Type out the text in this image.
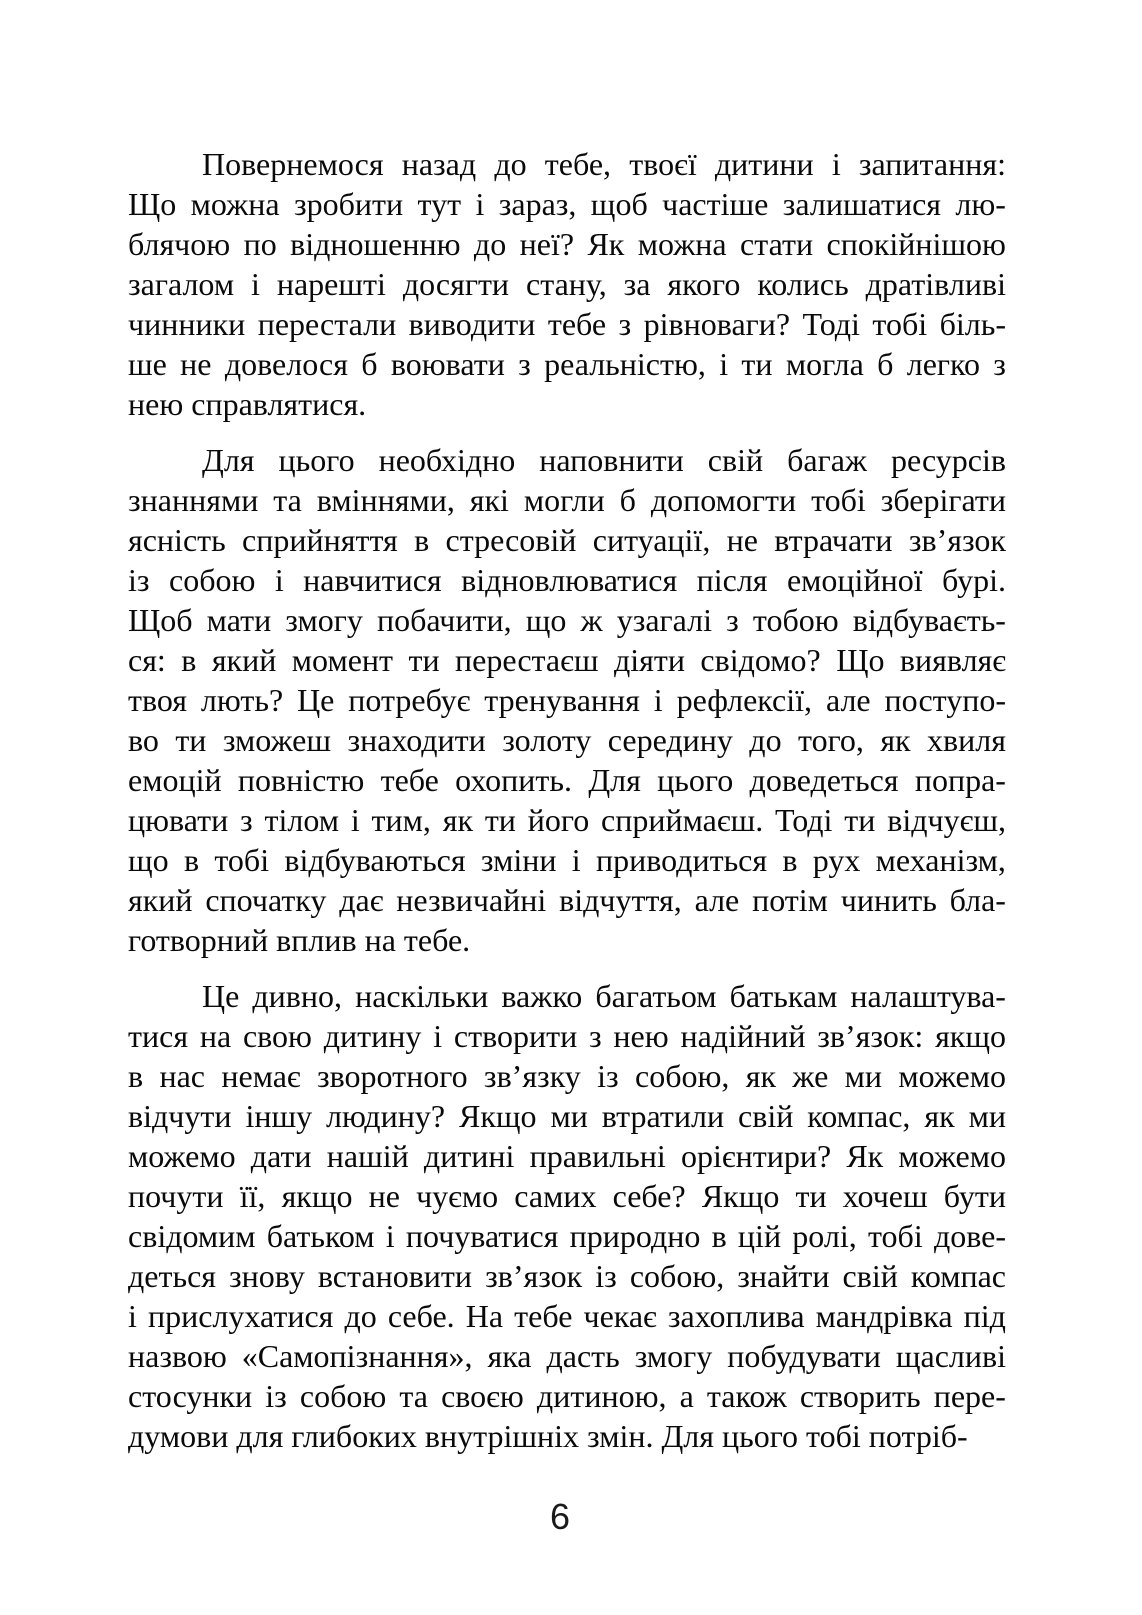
Повернемося назад до тебе, твоєї дитини і запитання:
Що можна зробити тут і зараз, щоб частіше залишатися лю-
блячою по відношенню до неї? Як можна стати спокійнішою
загалом і нарешті досягти стану, за якого колись дратівливі
чинники перестали виводити тебе з рівноваги? Тоді тобі біль-
ше не довелося б воювати з реальністю, і ти могла б легко з
нею справлятися.
Для цього необхідно наповнити свій багаж ресурсів
знаннями та вміннями, які могли б допомогти тобі зберігати
ясність сприйняття в стресовій ситуації, не втрачати зв’язок
із собою і навчитися відновлюватися після емоційної бурі.
Щоб мати змогу побачити, що ж узагалі з тобою відбуваєть-
ся: в який момент ти перестаєш діяти свідомо? Що виявляє
твоя лють? Це потребує тренування і рефлексії, але поступо-
во ти зможеш знаходити золоту середину до того, як хвиля
емоцій повністю тебе охопить. Для цього доведеться попра-
цювати з тілом і тим, як ти його сприймаєш. Тоді ти відчуєш,
що в тобі відбуваються зміни і приводиться в рух механізм,
який спочатку дає незвичайні відчуття, але потім чинить бла-
готворний вплив на тебе.
Це дивно, наскільки важко багатьом батькам налаштува-
тися на свою дитину і створити з нею надійний зв’язок: якщо
в нас немає зворотного зв’язку із собою, як же ми можемо
відчути іншу людину? Якщо ми втратили свій компас, як ми
можемо дати нашій дитині правильні орієнтири? Як можемо
почути її, якщо не чуємо самих себе? Якщо ти хочеш бути
свідомим батьком і почуватися природно в цій ролі, тобі дове-
деться знову встановити зв’язок із собою, знайти свій компас
і прислухатися до себе. На тебе чекає захоплива мандрівка під
назвою «Самопізнання», яка дасть змогу побудувати щасливі
стосунки із собою та своєю дитиною, а також створить пере-
думови для глибоких внутрішніх змін. Для цього тобі потріб-
6
